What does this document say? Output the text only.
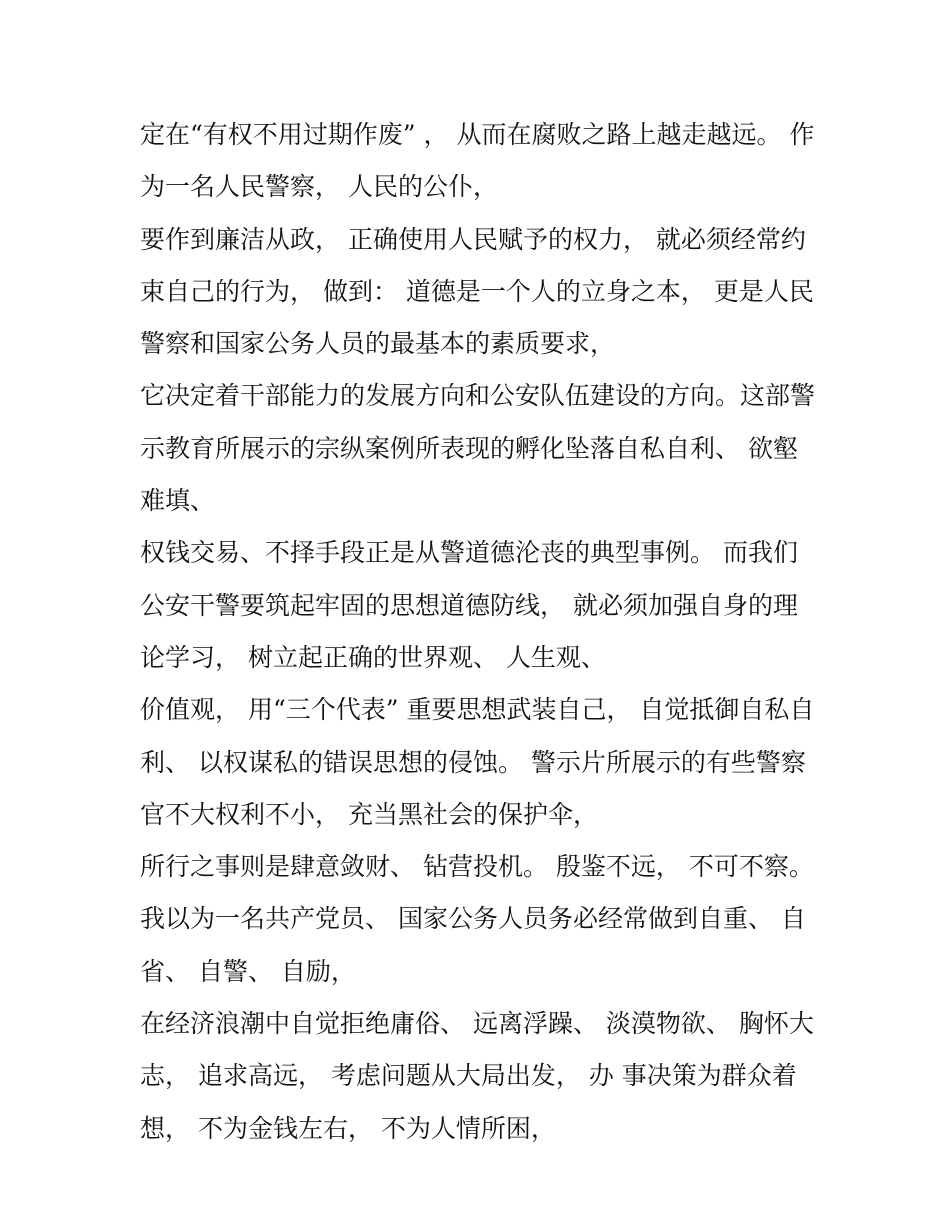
定在“有权不用过期作废” ， 从而在腐败之路上越走越远。 作
为一名人民警察， 人民的公仆，
要作到廉洁从政， 正确使用人民赋予的权力， 就必须经常约
束自己的行为， 做到： 道德是一个人的立身之本， 更是人民
警察和国家公务人员的最基本的素质要求，
它决定着干部能力的发展方向和公安队伍建设的方向。这部警
示教育所展示的宗纵案例所表现的孵化坠落自私自利、 欲壑
难填、
权钱交易、不择手段正是从警道德沦丧的典型事例。 而我们
公安干警要筑起牢固的思想道德防线， 就必须加强自身的理
论学习， 树立起正确的世界观、 人生观、
价值观， 用“三个代表” 重要思想武装自己， 自觉抵御自私自
利、 以权谋私的错误思想的侵蚀。 警示片所展示的有些警察
官不大权利不小， 充当黑社会的保护伞，
所行之事则是肆意敛财、 钻营投机。 殷鉴不远， 不可不察。
我以为一名共产党员、 国家公务人员务必经常做到自重、 自
省、 自警、 自励，
在经济浪潮中自觉拒绝庸俗、 远离浮躁、 淡漠物欲、 胸怀大
志， 追求高远， 考虑问题从大局出发， 办 事决策为群众着
想， 不为金钱左右， 不为人情所困，
